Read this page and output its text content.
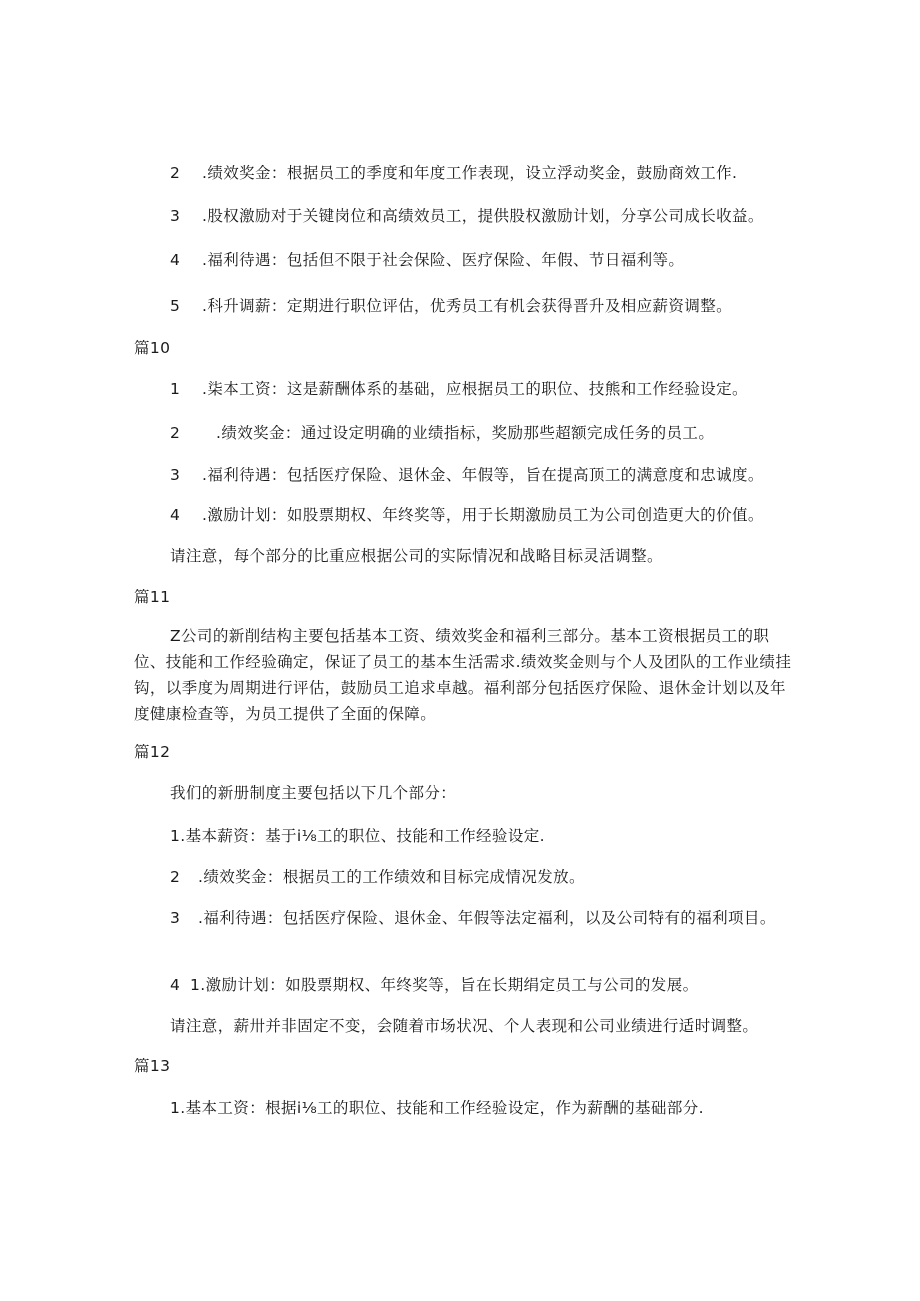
2 .绩效奖金：根据员工的季度和年度工作表现，设立浮动奖金，鼓励商效工作.
3 .股权激励对于关键岗位和高绩效员工，提供股权激励计划，分享公司成长收益。
4 .福利待遇：包括但不限于社会保险、医疗保险、年假、节日福利等。
5 .科升调薪：定期进行职位评估，优秀员工有机会获得晋升及相应薪资调整。
篇10
1 .柒本工资：这是薪酬体系的基础，应根据员工的职位、技熊和工作经验设定。
2 .绩效奖金：通过设定明确的业绩指标，奖励那些超额完成任务的员工。
3 .福利待遇：包括医疗保险、退休金、年假等，旨在提高顶工的满意度和忠诚度。
4 .激励计划：如股票期权、年终奖等，用于长期激励员工为公司创造更大的价值。
请注意，每个部分的比重应根据公司的实际情况和战略目标灵活调整。
篇11
Z公司的新削结构主要包括基本工资、绩效奖金和福利三部分。基本工资根据员工的职位、技能和工作经验确定，保证了员工的基本生活需求.绩效奖金则与个人及团队的工作业绩挂钩，以季度为周期进行评估，鼓励员工追求卓越。福利部分包括医疗保险、退休金计划以及年度健康检查等，为员工提供了全面的保障。
篇12
我们的新册制度主要包括以下几个部分：
1.基本薪资：基于i⅛工的职位、技能和工作经验设定.
2 .绩效奖金：根据员工的工作绩效和目标完成情况发放。
3 .福利待遇：包括医疗保险、退休金、年假等法定福利，以及公司特有的福利项目。
4 1.激励计划：如股票期权、年终奖等，旨在长期绢定员工与公司的发展。
请注意，薪卅并非固定不变，会随着市场状况、个人表现和公司业绩进行适时调整。
篇13
1.基本工资：根据i⅛工的职位、技能和工作经验设定，作为薪酬的基础部分.
